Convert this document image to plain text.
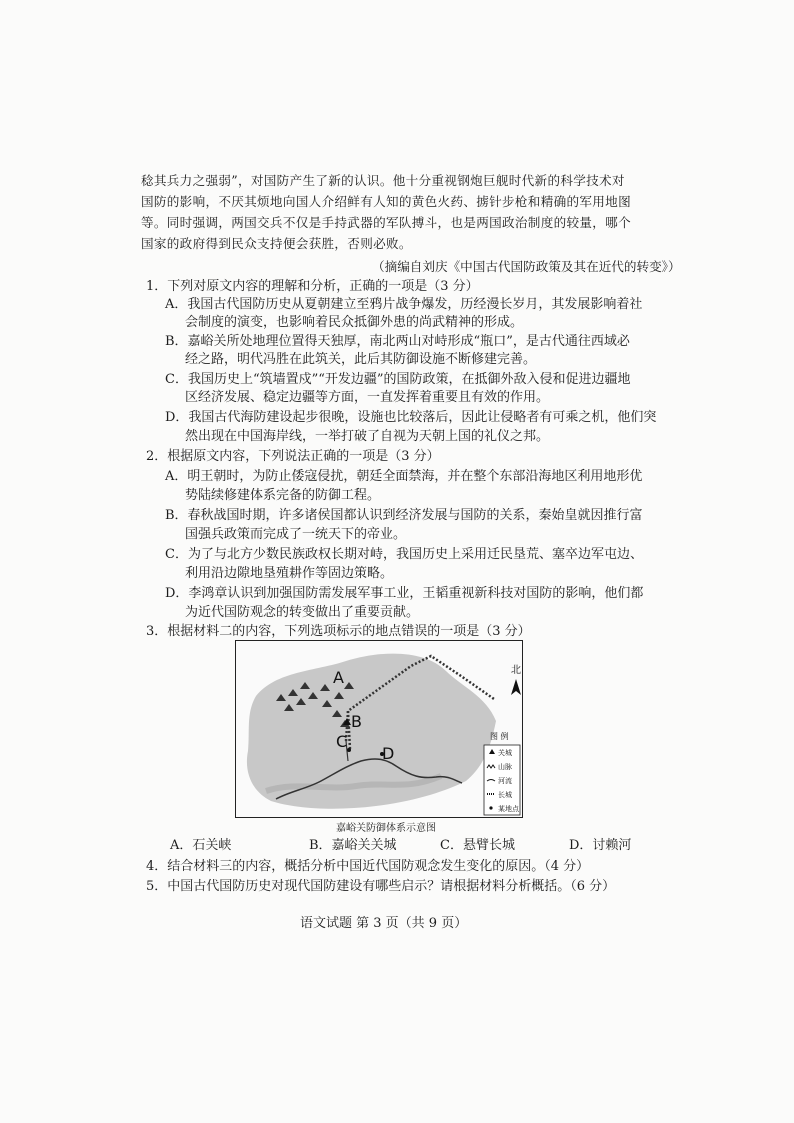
稔其兵力之强弱”，对国防产生了新的认识。他十分重视钢炮巨舰时代新的科学技术对
国防的影响，不厌其烦地向国人介绍鲜有人知的黄色火药、掳针步枪和精确的军用地图
等。同时强调，两国交兵不仅是手持武器的军队搏斗，也是两国政治制度的较量，哪个
国家的政府得到民众支持便会获胜，否则必败。
（摘编自刘庆《中国古代国防政策及其在近代的转变》）
1．下列对原文内容的理解和分析，正确的一项是（3 分）
A．我国古代国防历史从夏朝建立至鸦片战争爆发，历经漫长岁月，其发展影响着社
会制度的演变，也影响着民众抵御外患的尚武精神的形成。
B．嘉峪关所处地理位置得天独厚，南北两山对峙形成“瓶口”，是古代通往西域必
经之路，明代冯胜在此筑关，此后其防御设施不断修建完善。
C．我国历史上“筑墙置戍”“开发边疆”的国防政策，在抵御外敌入侵和促进边疆地
区经济发展、稳定边疆等方面，一直发挥着重要且有效的作用。
D．我国古代海防建设起步很晚，设施也比较落后，因此让侵略者有可乘之机，他们突
然出现在中国海岸线，一举打破了自视为天朝上国的礼仪之邦。
2．根据原文内容，下列说法正确的一项是（3 分）
A．明王朝时，为防止倭寇侵扰，朝廷全面禁海，并在整个东部沿海地区利用地形优
势陆续修建体系完备的防御工程。
B．春秋战国时期，许多诸侯国都认识到经济发展与国防的关系，秦始皇就因推行富
国强兵政策而完成了一统天下的帝业。
C．为了与北方少数民族政权长期对峙，我国历史上采用迁民垦荒、塞卒边军屯边、
利用沿边隙地垦殖耕作等固边策略。
D．李鸿章认识到加强国防需发展军事工业，王韬重视新科技对国防的影响，他们都
为近代国防观念的转变做出了重要贡献。
3．根据材料二的内容，下列选项标示的地点错误的一项是（3 分）
A
B
C
D
北
图 例
关城
山脉
河流
长城
某地点
嘉峪关防御体系示意图
A．石关峡	B．嘉峪关关城	C．悬臂长城	D．讨赖河
4．结合材料三的内容，概括分析中国近代国防观念发生变化的原因。（4 分）
5．中国古代国防历史对现代国防建设有哪些启示？请根据材料分析概括。（6 分）
语文试题 第 3 页（共 9 页）
